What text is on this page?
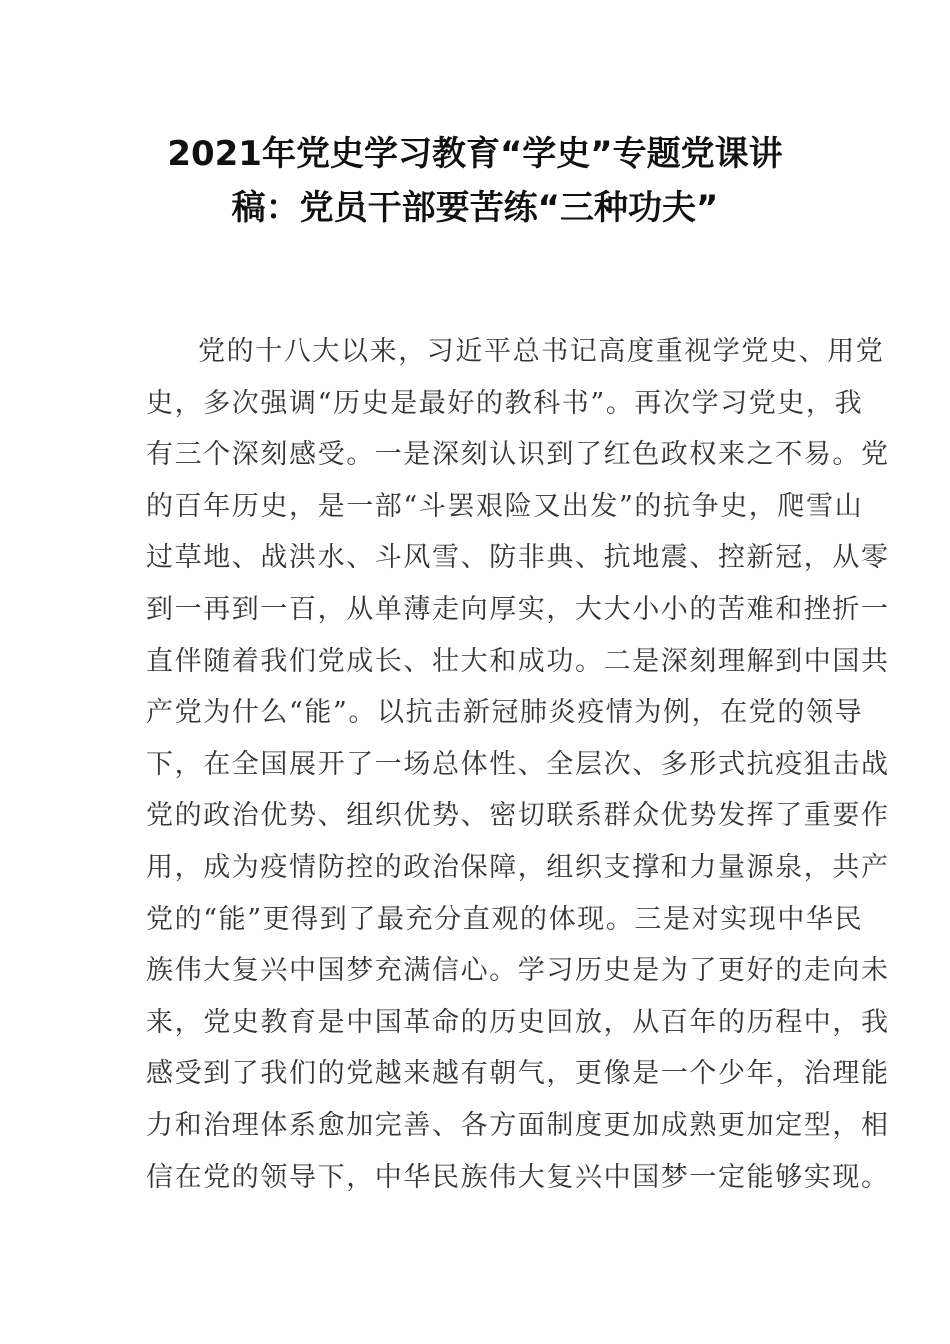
2021年党史学习教育“学史”专题党课讲
稿：党员干部要苦练“三种功夫”
党的十八大以来，习近平总书记高度重视学党史、用党
史，多次强调“历史是最好的教科书”。再次学习党史，我
有三个深刻感受。一是深刻认识到了红色政权来之不易。党
的百年历史，是一部“斗罢艰险又出发”的抗争史，爬雪山
过草地、战洪水、斗风雪、防非典、抗地震、控新冠，从零
到一再到一百，从单薄走向厚实，大大小小的苦难和挫折一
直伴随着我们党成长、壮大和成功。二是深刻理解到中国共
产党为什么“能”。以抗击新冠肺炎疫情为例，在党的领导
下，在全国展开了一场总体性、全层次、多形式抗疫狙击战
党的政治优势、组织优势、密切联系群众优势发挥了重要作
用，成为疫情防控的政治保障，组织支撑和力量源泉，共产
党的“能”更得到了最充分直观的体现。三是对实现中华民
族伟大复兴中国梦充满信心。学习历史是为了更好的走向未
来，党史教育是中国革命的历史回放，从百年的历程中，我
感受到了我们的党越来越有朝气，更像是一个少年，治理能
力和治理体系愈加完善、各方面制度更加成熟更加定型，相
信在党的领导下，中华民族伟大复兴中国梦一定能够实现。
